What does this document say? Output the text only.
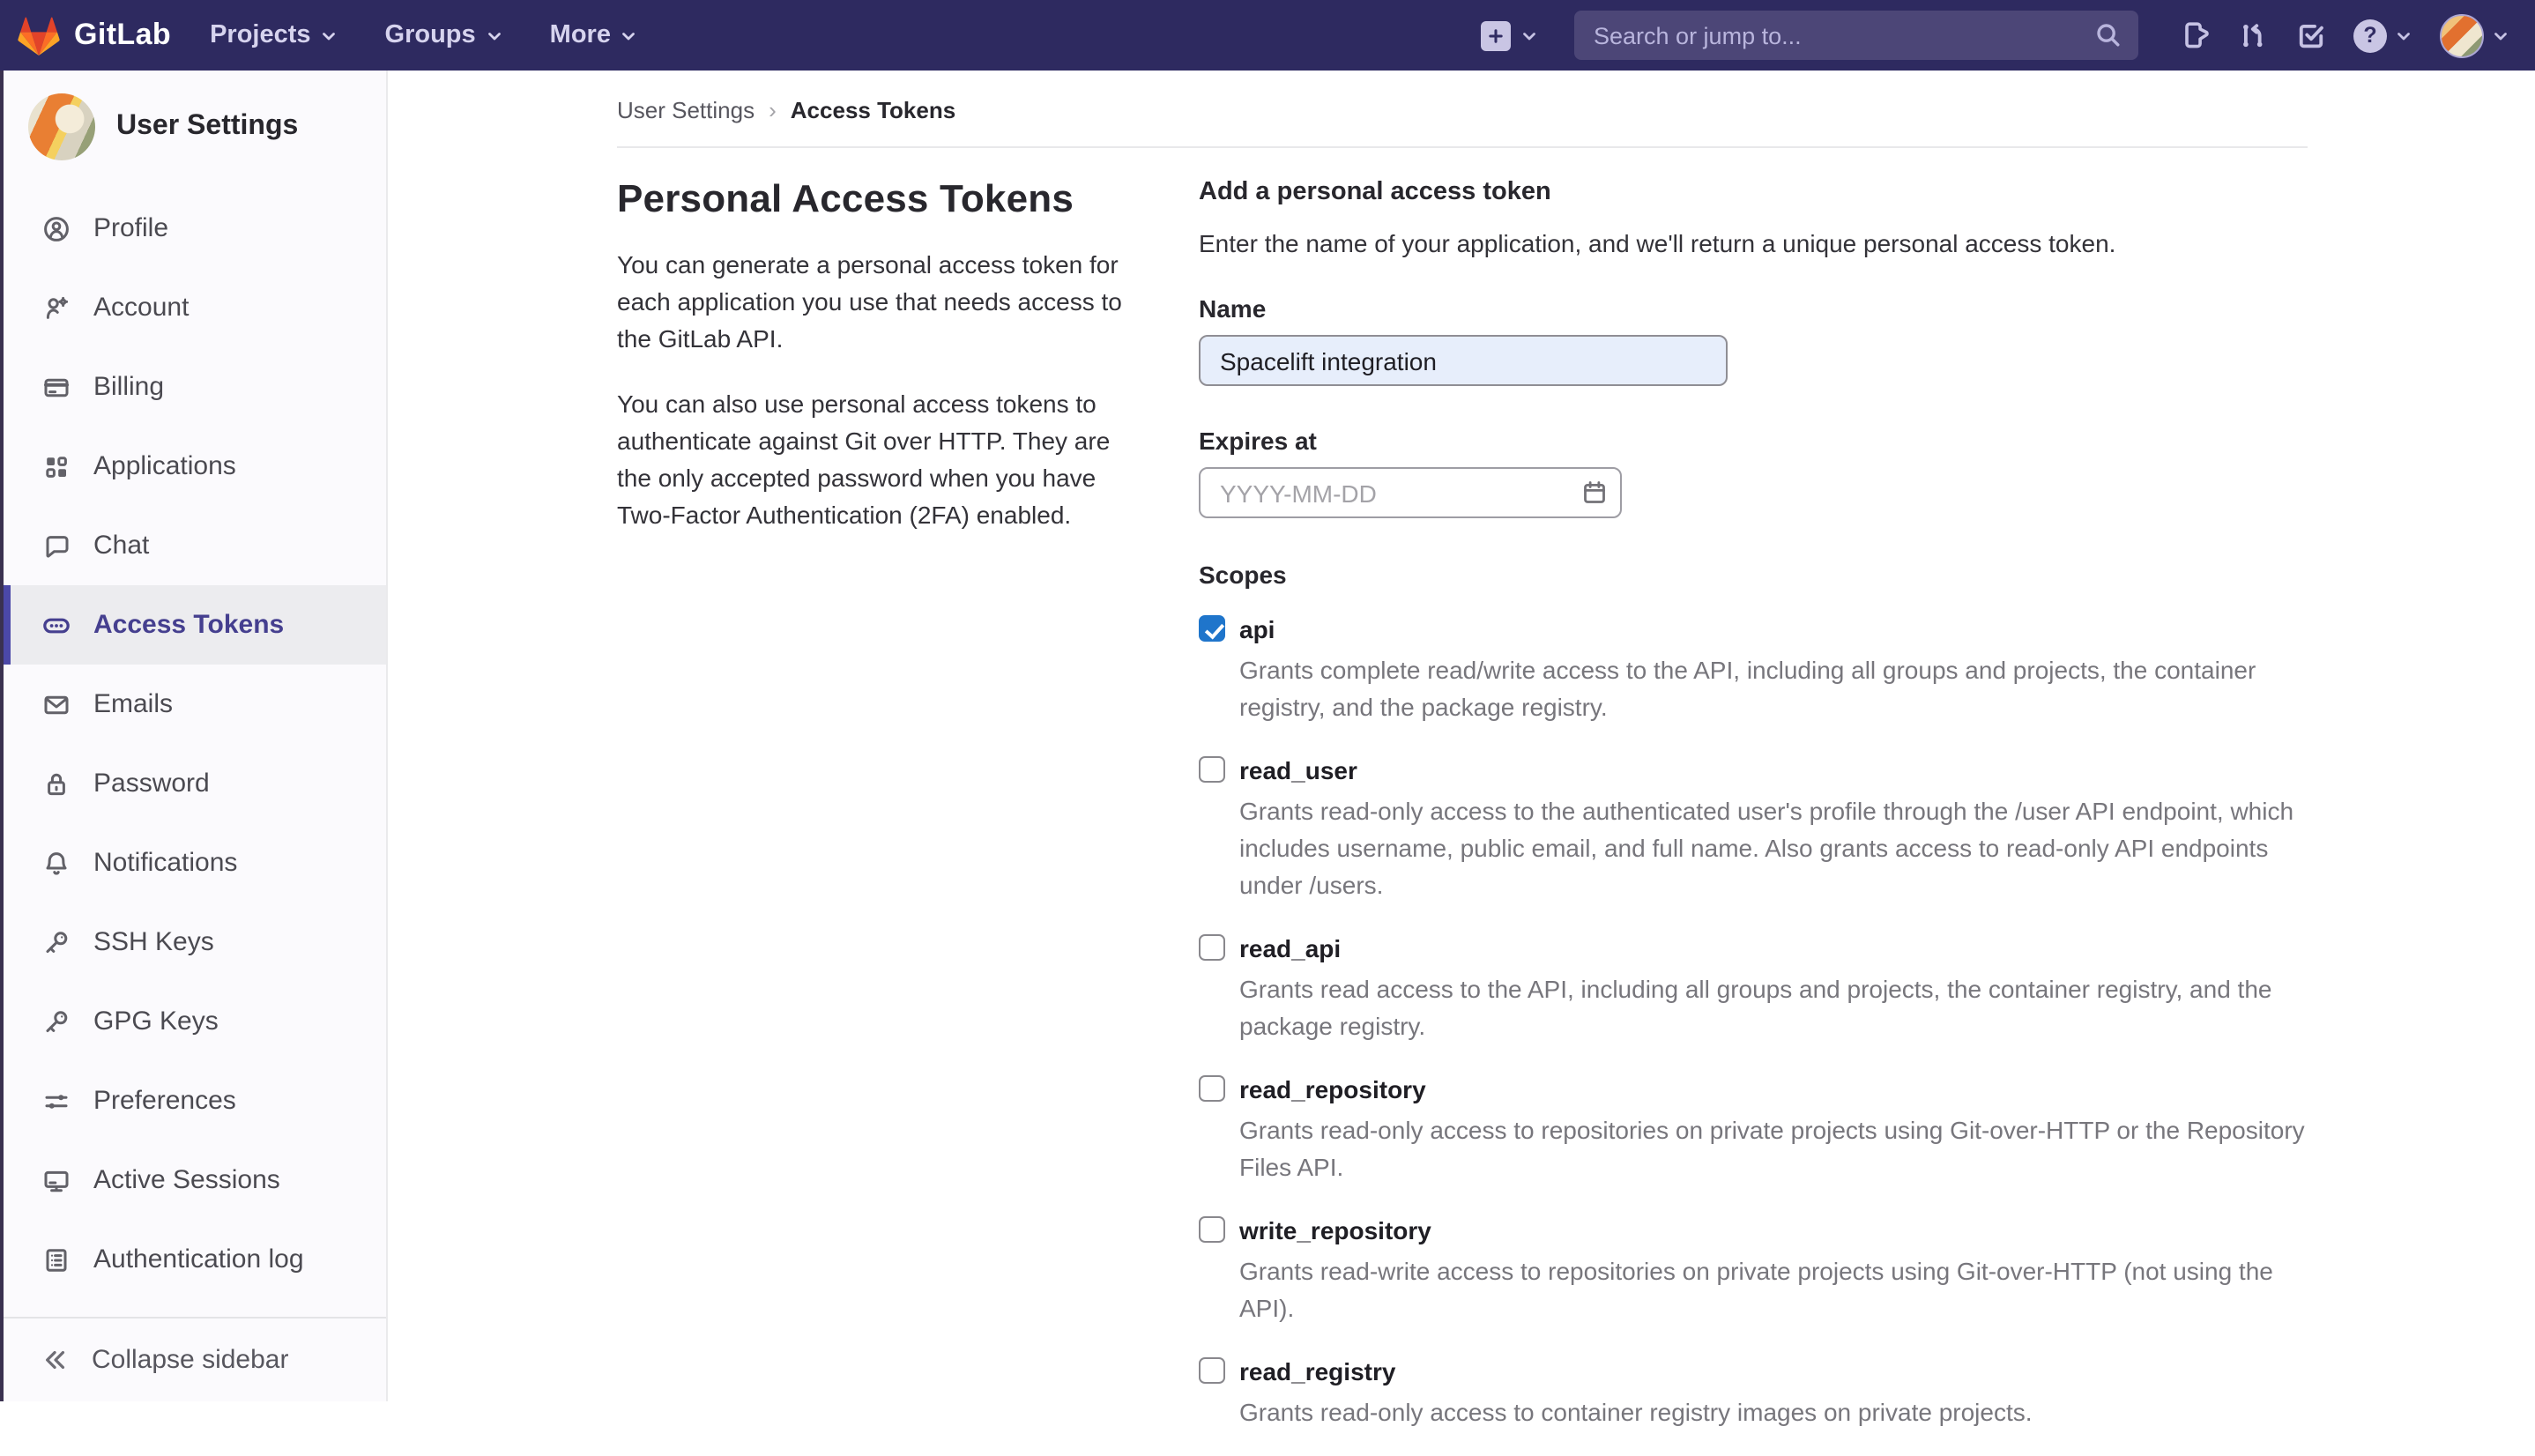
GitLab	Projects	Groups	More
Search or jump to...	?
User Settings
Profile
Account
Billing
Applications
Chat
Access Tokens
Emails
Password
Notifications
SSH Keys
GPG Keys
Preferences
Active Sessions
Authentication log
Collapse sidebar
User Settings › Access Tokens
Personal Access Tokens

You can generate a personal access token for each application you use that needs access to the GitLab API.

You can also use personal access tokens to authenticate against Git over HTTP. They are the only accepted password when you have Two-Factor Authentication (2FA) enabled.

Add a personal access token
Enter the name of your application, and we'll return a unique personal access token.
Name
Spacelift integration
Expires at
YYYY-MM-DD
Scopes
api
Grants complete read/write access to the API, including all groups and projects, the container registry, and the package registry.
read_user
Grants read-only access to the authenticated user's profile through the /user API endpoint, which includes username, public email, and full name. Also grants access to read-only API endpoints under /users.
read_api
Grants read access to the API, including all groups and projects, the container registry, and the package registry.
read_repository
Grants read-only access to repositories on private projects using Git-over-HTTP or the Repository Files API.
write_repository
Grants read-write access to repositories on private projects using Git-over-HTTP (not using the API).
read_registry
Grants read-only access to container registry images on private projects.
